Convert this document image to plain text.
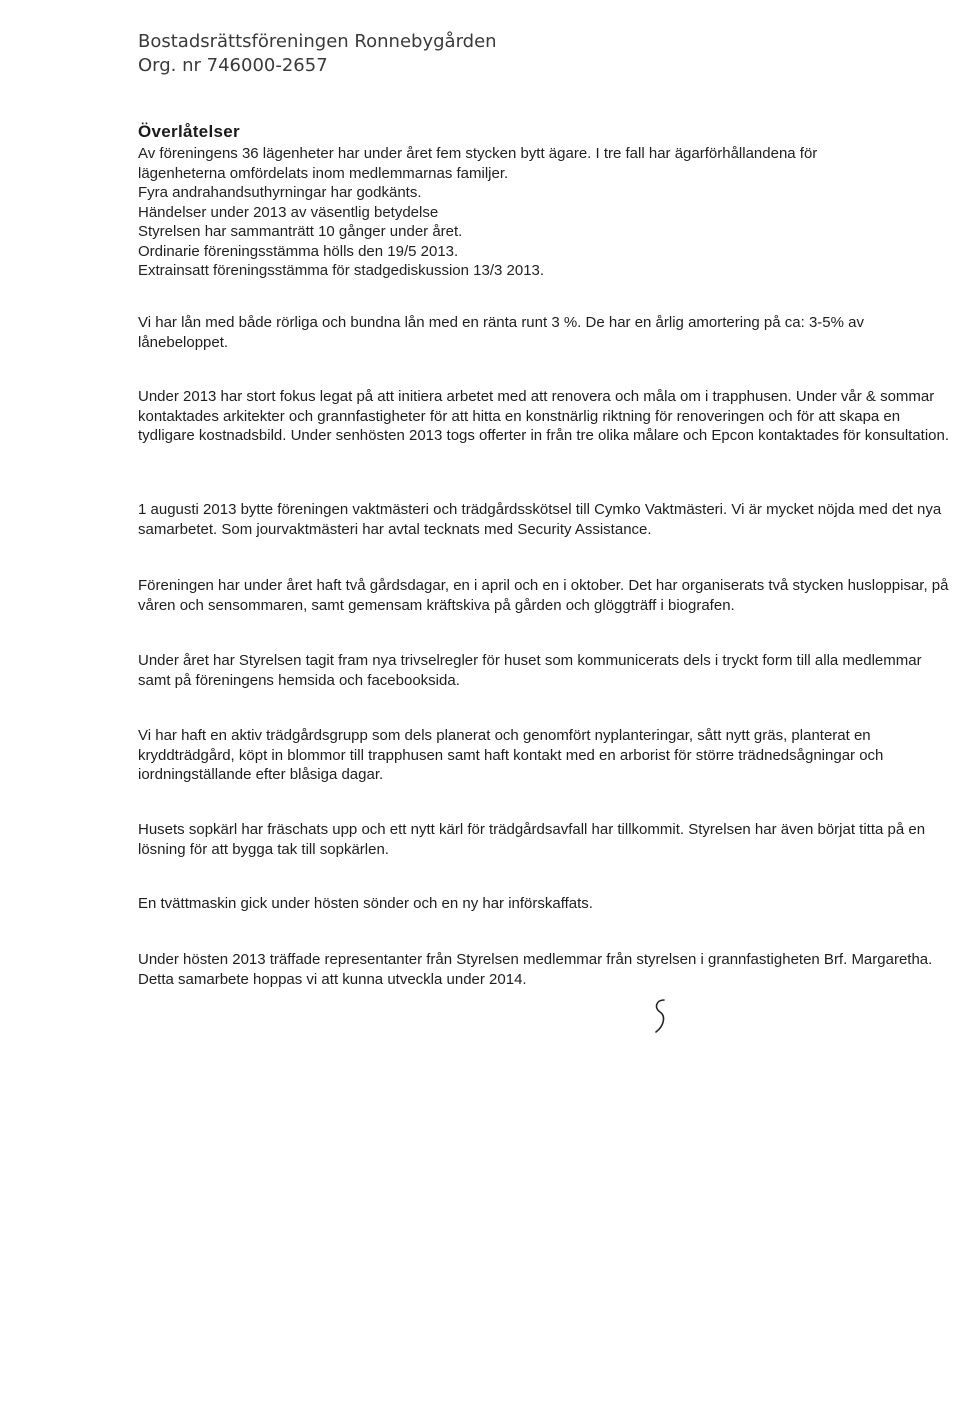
Bostadsrättsföreningen Ronnebygården
Org. nr 746000-2657
Överlåtelser
Av föreningens 36 lägenheter har under året fem stycken bytt ägare. I tre fall har ägarförhållandena för
lägenheterna omfördelats inom medlemmarnas familjer.
Fyra andrahandsuthyrningar har godkänts.
Händelser under 2013 av väsentlig betydelse
Styrelsen har sammanträtt 10 gånger under året.
Ordinarie föreningsstämma hölls den 19/5 2013.
Extrainsatt föreningsstämma för stadgediskussion 13/3 2013.

Vi har lån med både rörliga och bundna lån med en ränta runt 3 %. De har en årlig amortering på ca: 3-5% av lånebeloppet.

Under 2013 har stort fokus legat på att initiera arbetet med att renovera och måla om i trapphusen. Under vår & sommar kontaktades arkitekter och grannfastigheter för att hitta en konstnärlig riktning för renoveringen och för att skapa en tydligare kostnadsbild. Under senhösten 2013 togs offerter in från tre olika målare och Epcon kontaktades för konsultation.

1 augusti 2013 bytte föreningen vaktmästeri och trädgårdsskötsel till Cymko Vaktmästeri. Vi är mycket nöjda med det nya samarbetet. Som jourvaktmästeri har avtal tecknats med Security Assistance.

Föreningen har under året haft två gårdsdagar, en i april och en i oktober. Det har organiserats två stycken husloppisar, på våren och sensommaren, samt gemensam kräftskiva på gården och glöggträff i biografen.

Under året har Styrelsen tagit fram nya trivselregler för huset som kommunicerats dels i tryckt form till alla medlemmar samt på föreningens hemsida och facebooksida.

Vi har haft en aktiv trädgårdsgrupp som dels planerat och genomfört nyplanteringar, sått nytt gräs, planterat en kryddträdgård, köpt in blommor till trapphusen samt haft kontakt med en arborist för större trädnedsågningar och iordningställande efter blåsiga dagar.

Husets sopkärl har fräschats upp och ett nytt kärl för trädgårdsavfall har tillkommit. Styrelsen har även börjat titta på en lösning för att bygga tak till sopkärlen.

En tvättmaskin gick under hösten sönder och en ny har införskaffats.

Under hösten 2013 träffade representanter från Styrelsen medlemmar från styrelsen i grannfastigheten Brf. Margaretha. Detta samarbete hoppas vi att kunna utveckla under 2014.
